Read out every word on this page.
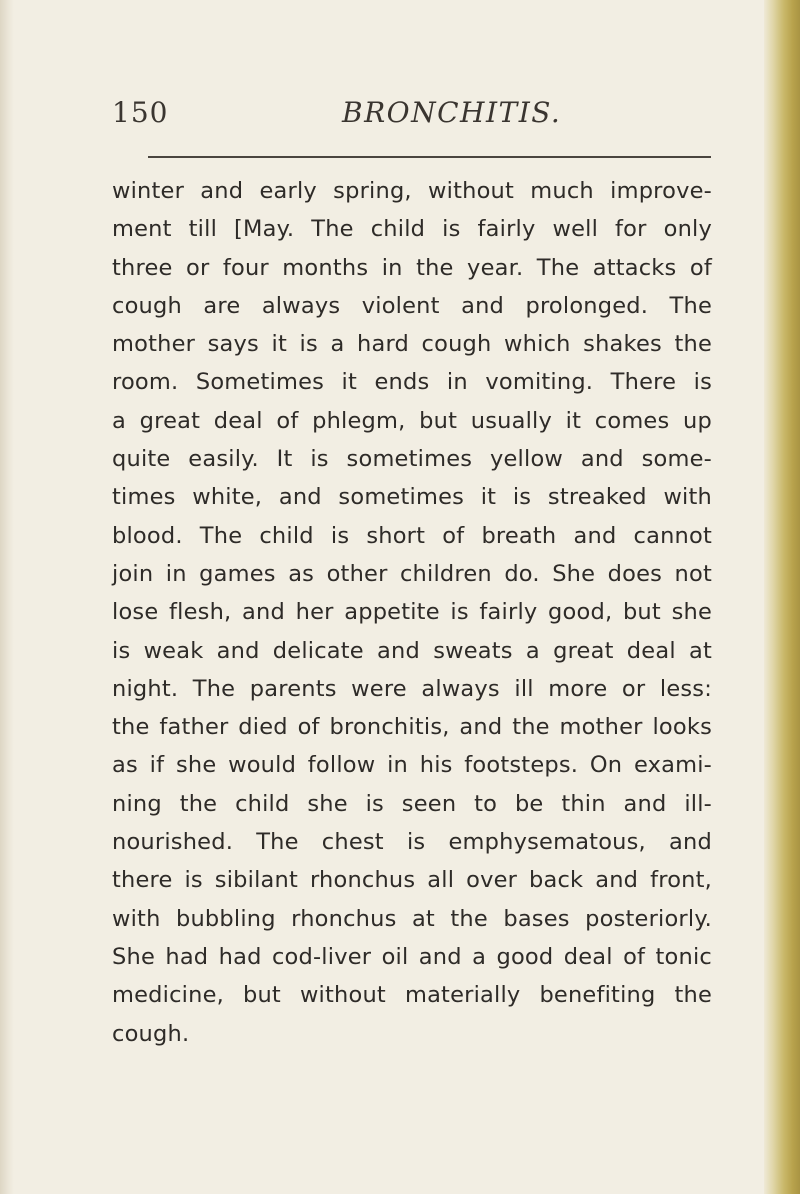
150	BRONCHITIS.
winter and early spring, without much improve-
ment till [May. The child is fairly well for only
three or four months in the year. The attacks of
cough are always violent and prolonged. The
mother says it is a hard cough which shakes the
room. Sometimes it ends in vomiting. There is
a great deal of phlegm, but usually it comes up
quite easily. It is sometimes yellow and some-
times white, and sometimes it is streaked with
blood. The child is short of breath and cannot
join in games as other children do. She does not
lose flesh, and her appetite is fairly good, but she
is weak and delicate and sweats a great deal at
night. The parents were always ill more or less:
the father died of bronchitis, and the mother looks
as if she would follow in his footsteps. On exami-
ning the child she is seen to be thin and ill-
nourished. The chest is emphysematous, and
there is sibilant rhonchus all over back and front,
with bubbling rhonchus at the bases posteriorly.
She had had cod-liver oil and a good deal of tonic
medicine, but without materially benefiting the
cough.
